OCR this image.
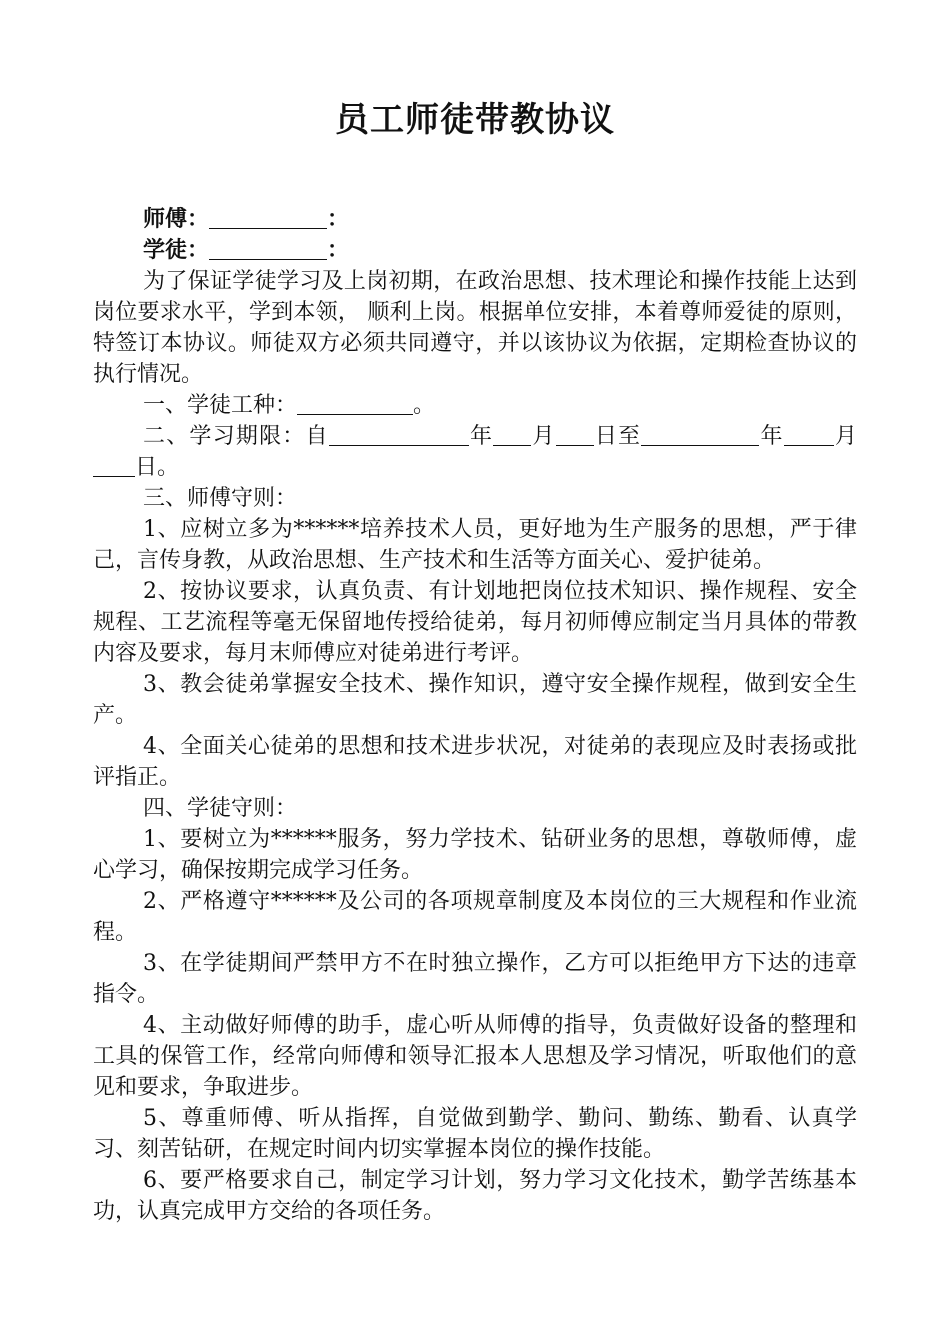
员工师徒带教协议
师傅：	：
学徒：	：

为了保证学徒学习及上岗初期，在政治思想、技术理论和操作技能上达到岗位要求水平，学到本领， 顺利上岗。根据单位安排，本着尊师爱徒的原则，特签订本协议。师徒双方必须共同遵守，并以该协议为依据，定期检查协议的执行情况。

一、学徒工种：	。

二、学习期限：自	年 月 日至	年 月日。

三、师傅守则：

1、应树立多为******培养技术人员，更好地为生产服务的思想，严于律己，言传身教，从政治思想、生产技术和生活等方面关心、爱护徒弟。

2、按协议要求，认真负责、有计划地把岗位技术知识、操作规程、安全规程、工艺流程等毫无保留地传授给徒弟，每月初师傅应制定当月具体的带教内容及要求，每月末师傅应对徒弟进行考评。

3、教会徒弟掌握安全技术、操作知识，遵守安全操作规程，做到安全生产。

4、全面关心徒弟的思想和技术进步状况，对徒弟的表现应及时表扬或批评指正。

四、学徒守则：

1、要树立为******服务，努力学技术、钻研业务的思想，尊敬师傅，虚心学习，确保按期完成学习任务。

2、严格遵守******及公司的各项规章制度及本岗位的三大规程和作业流程。

3、在学徒期间严禁甲方不在时独立操作，乙方可以拒绝甲方下达的违章指令。

4、主动做好师傅的助手，虚心听从师傅的指导，负责做好设备的整理和工具的保管工作，经常向师傅和领导汇报本人思想及学习情况，听取他们的意见和要求，争取进步。

5、尊重师傅、听从指挥，自觉做到勤学、勤问、勤练、勤看、认真学习、刻苦钻研，在规定时间内切实掌握本岗位的操作技能。

6、要严格要求自己，制定学习计划，努力学习文化技术，勤学苦练基本功，认真完成甲方交给的各项任务。
